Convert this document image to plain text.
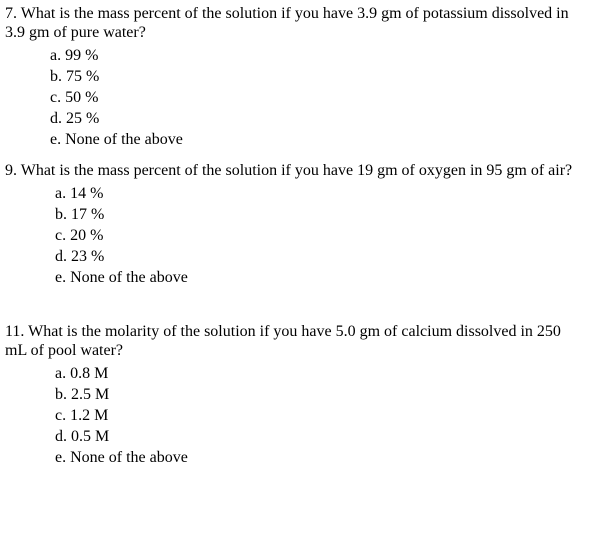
7. What is the mass percent of the solution if you have 3.9 gm of potassium dissolved in 3.9 gm of pure water?

a. 99 %
b. 75 %
c. 50 %
d. 25 %
e. None of the above

9. What is the mass percent of the solution if you have 19 gm of oxygen in 95 gm of air?

a. 14 %
b. 17 %
c. 20 %
d. 23 %
e. None of the above

11. What is the molarity of the solution if you have 5.0 gm of calcium dissolved in 250 mL of pool water?

a. 0.8 M
b. 2.5 M
c. 1.2 M
d. 0.5 M
e. None of the above
